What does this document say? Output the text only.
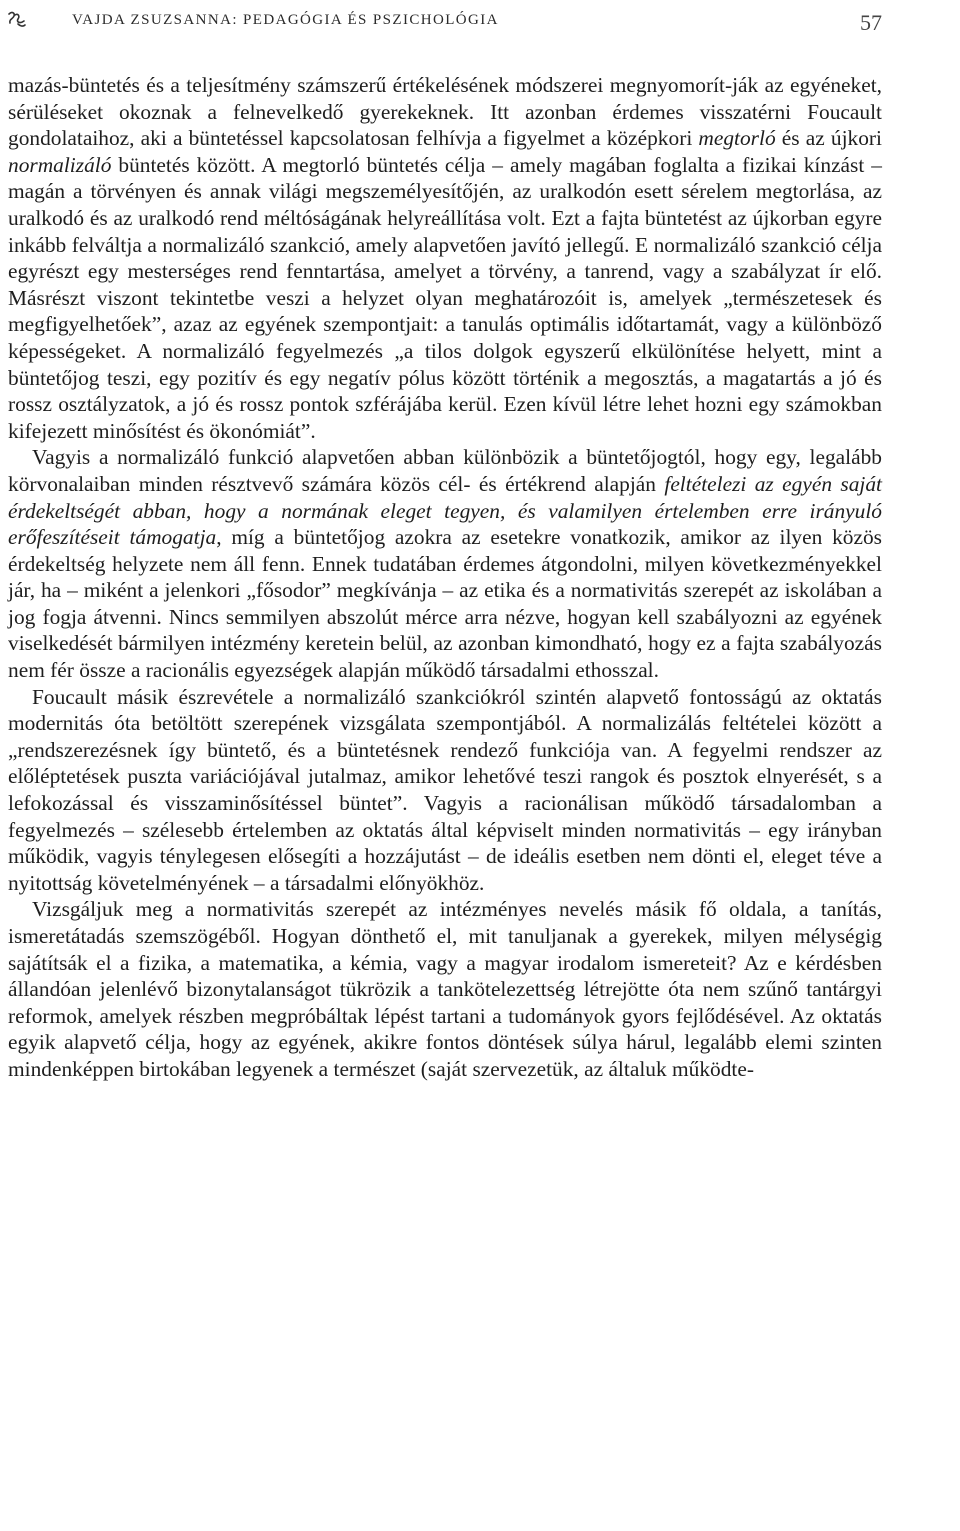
VAJDA ZSUZSANNA: PEDAGÓGIA ÉS PSZICHOLÓGIA	57

mazás-büntetés és a teljesítmény számszerű értékelésének módszerei megnyomorít-ják az egyéneket, sérüléseket okoznak a felnevelkedő gyerekeknek. Itt azonban érdemes visszatérni Foucault gondolataihoz, aki a büntetéssel kapcsolatosan felhívja a figyelmet a középkori megtorló és az újkori normalizáló büntetés között. A megtorló büntetés célja – amely magában foglalta a fizikai kínzást – magán a törvényen és annak világi megszemélyesítőjén, az uralkodón esett sérelem megtorlása, az uralkodó és az uralkodó rend méltóságának helyreállítása volt. Ezt a fajta büntetést az újkorban egyre inkább felváltja a normalizáló szankció, amely alapvetően javító jellegű. E normalizáló szankció célja egyrészt egy mesterséges rend fenntartása, amelyet a törvény, a tanrend, vagy a szabályzat ír elő. Másrészt viszont tekintetbe veszi a helyzet olyan meghatározóit is, amelyek „természetesek és megfigyelhetőek”, azaz az egyének szempontjait: a tanulás optimális időtartamát, vagy a különböző képességeket. A normalizáló fegyelmezés „a tilos dolgok egyszerű elkülönítése helyett, mint a büntetőjog teszi, egy pozitív és egy negatív pólus között történik a megosztás, a magatartás a jó és rossz osztályzatok, a jó és rossz pontok szférájába kerül. Ezen kívül létre lehet hozni egy számokban kifejezett minősítést és ökonómiát”.

Vagyis a normalizáló funkció alapvetően abban különbözik a büntetőjogtól, hogy egy, legalább körvonalaiban minden résztvevő számára közös cél- és értékrend alapján feltételezi az egyén saját érdekeltségét abban, hogy a normának eleget tegyen, és valamilyen értelemben erre irányuló erőfeszítéseit támogatja, míg a büntetőjog azokra az esetekre vonatkozik, amikor az ilyen közös érdekeltség helyzete nem áll fenn. Ennek tudatában érdemes átgondolni, milyen következményekkel jár, ha – miként a jelenkori „fősodor” megkívánja – az etika és a normativitás szerepét az iskolában a jog fogja átvenni. Nincs semmilyen abszolút mérce arra nézve, hogyan kell szabályozni az egyének viselkedését bármilyen intézmény keretein belül, az azonban kimondható, hogy ez a fajta szabályozás nem fér össze a racionális egyezségek alapján működő társadalmi ethosszal.

Foucault másik észrevétele a normalizáló szankciókról szintén alapvető fontosságú az oktatás modernitás óta betöltött szerepének vizsgálata szempontjából. A normalizálás feltételei között a „rendszerezésnek így büntető, és a büntetésnek rendező funkciója van. A fegyelmi rendszer az előléptetések puszta variációjával jutalmaz, amikor lehetővé teszi rangok és posztok elnyerését, s a lefokozással és visszaminősítéssel büntet”. Vagyis a racionálisan működő társadalomban a fegyelmezés – szélesebb értelemben az oktatás által képviselt minden normativitás – egy irányban működik, vagyis ténylegesen elősegíti a hozzájutást – de ideális esetben nem dönti el, eleget téve a nyitottság követelményének – a társadalmi előnyökhöz.

Vizsgáljuk meg a normativitás szerepét az intézményes nevelés másik fő oldala, a tanítás, ismeretátadás szemszögéből. Hogyan dönthető el, mit tanuljanak a gyerekek, milyen mélységig sajátítsák el a fizika, a matematika, a kémia, vagy a magyar irodalom ismereteit? Az e kérdésben állandóan jelenlévő bizonytalanságot tükrözik a tankötelezettség létrejötte óta nem szűnő tantárgyi reformok, amelyek részben megpróbáltak lépést tartani a tudományok gyors fejlődésével. Az oktatás egyik alapvető célja, hogy az egyének, akikre fontos döntések súlya hárul, legalább elemi szinten mindenképpen birtokában legyenek a természet (saját szervezetük, az általuk működte-
